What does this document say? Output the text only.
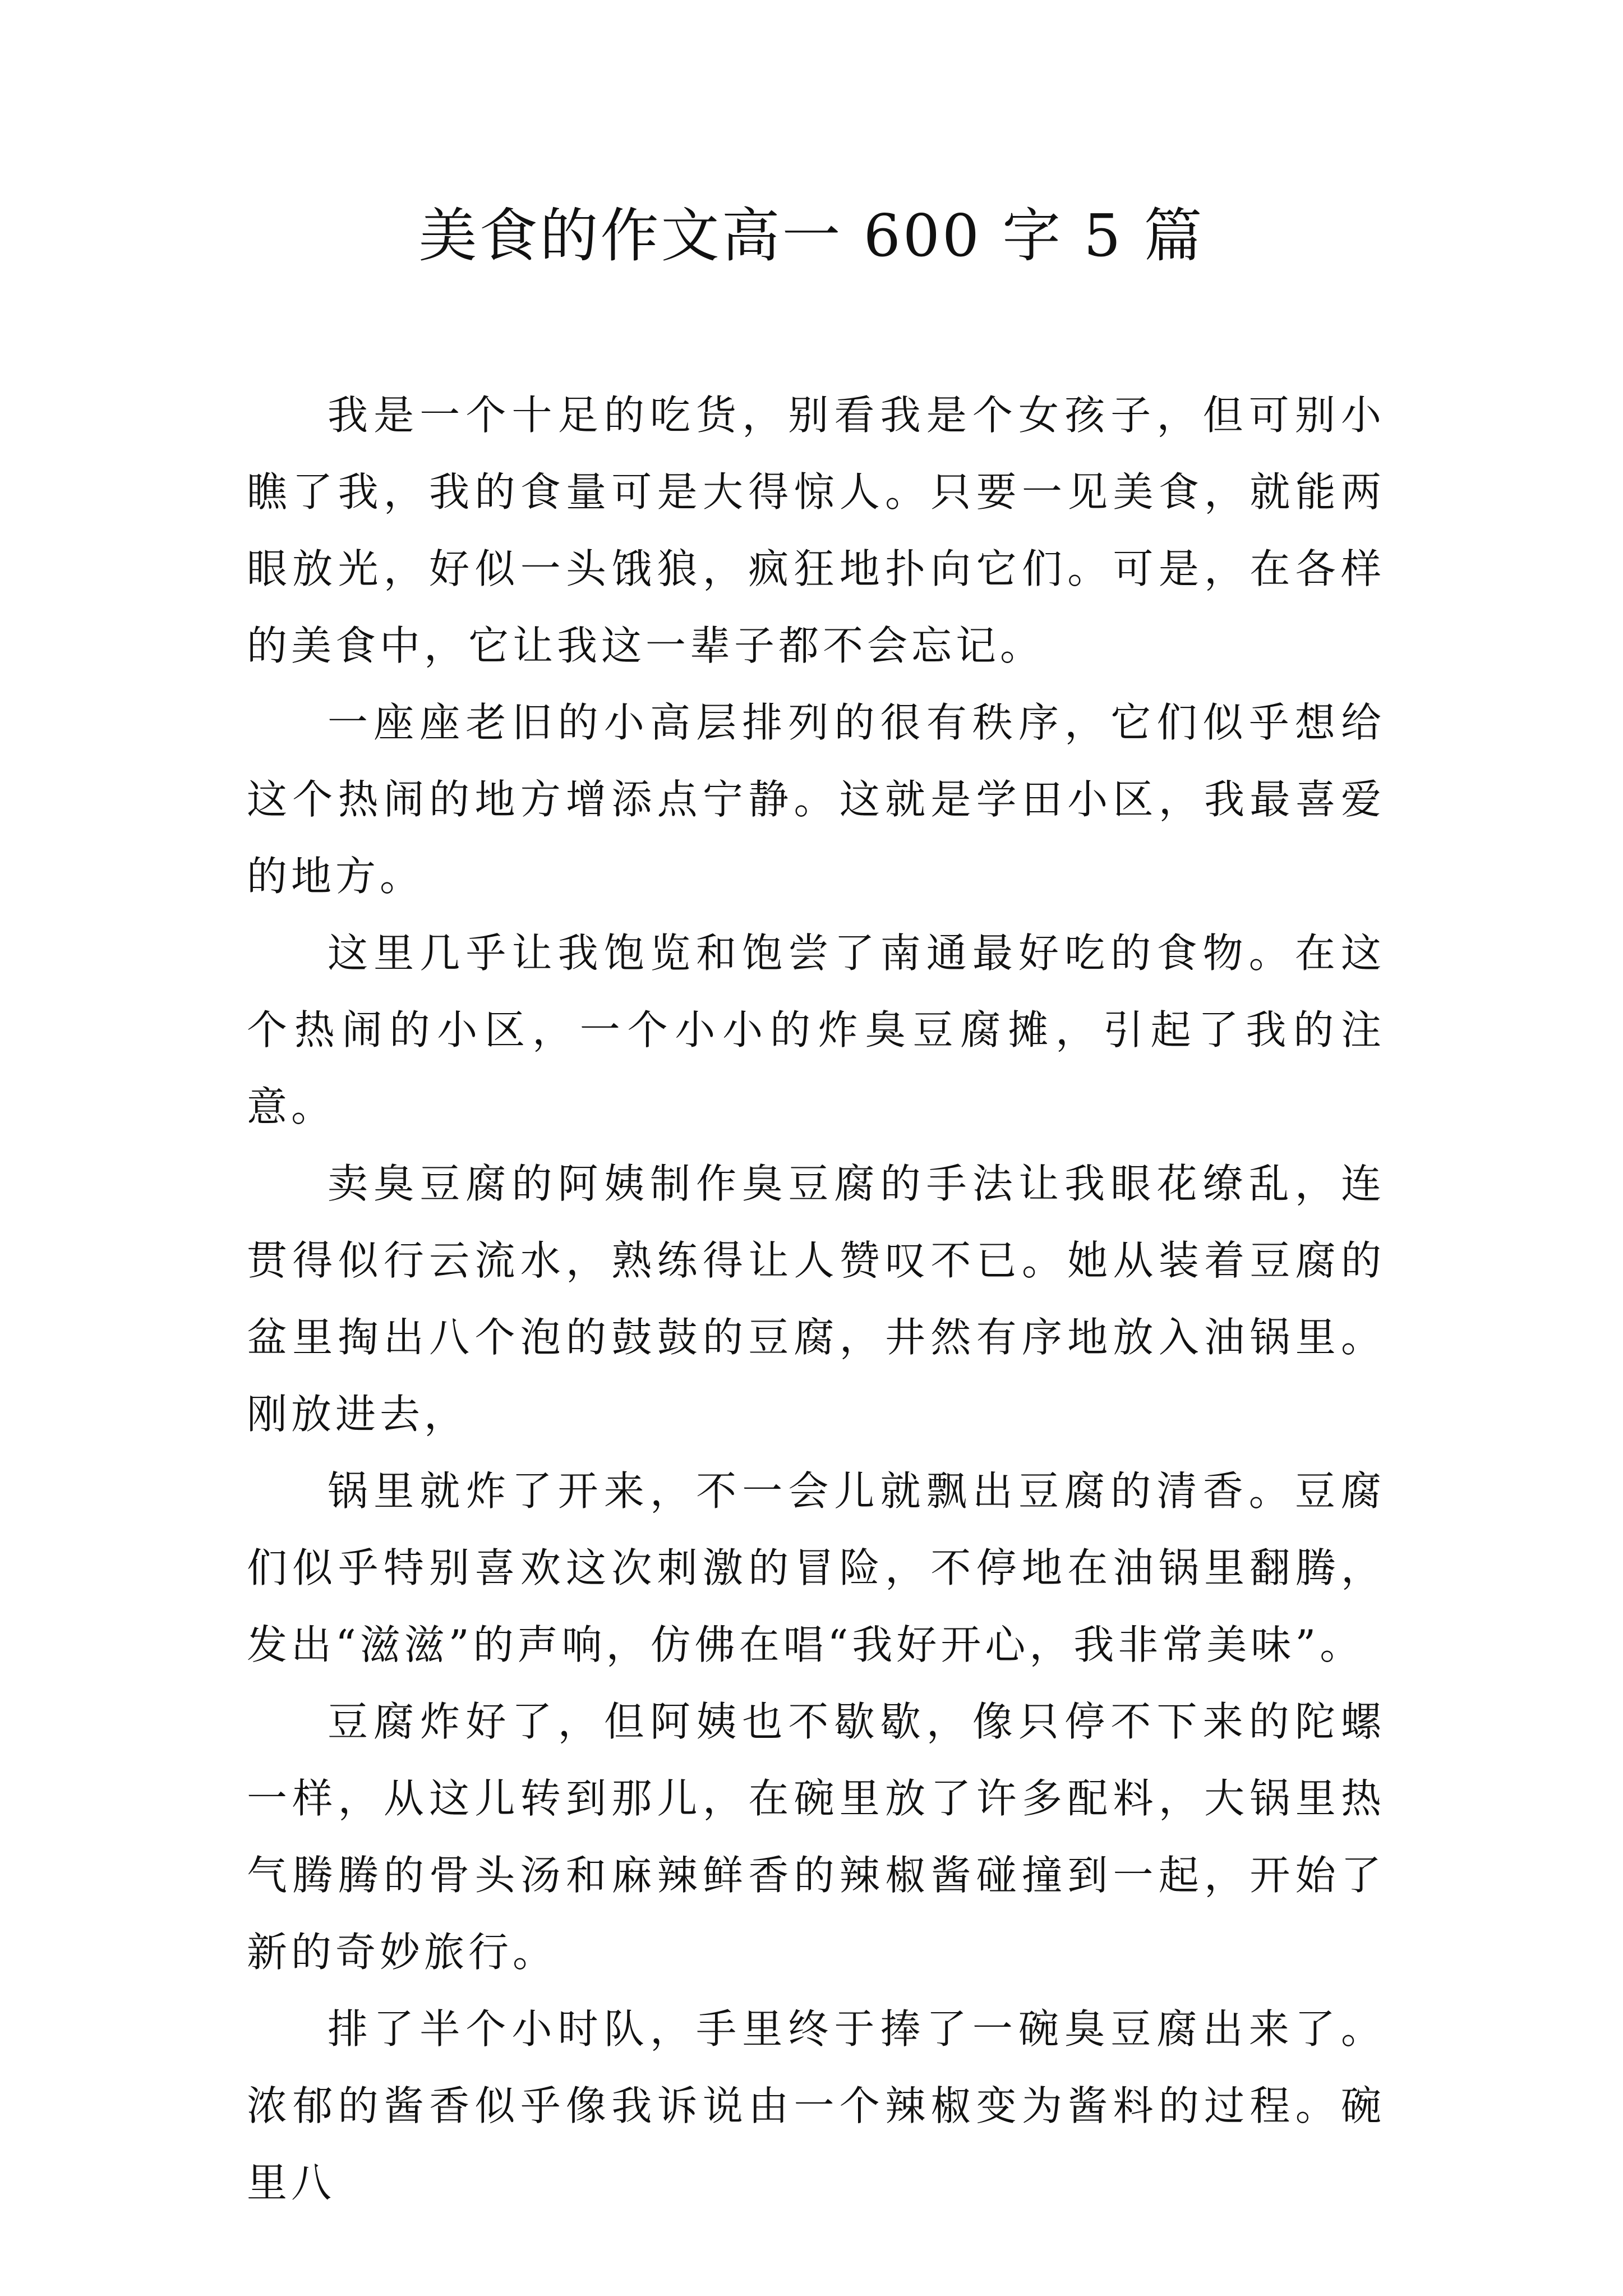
美食的作文高一 600 字 5 篇

我是一个十足的吃货，别看我是个女孩子，但可别小瞧了我，我的食量可是大得惊人。只要一见美食，就能两眼放光，好似一头饿狼，疯狂地扑向它们。可是，在各样的美食中，它让我这一辈子都不会忘记。

一座座老旧的小高层排列的很有秩序，它们似乎想给这个热闹的地方增添点宁静。这就是学田小区，我最喜爱的地方。

这里几乎让我饱览和饱尝了南通最好吃的食物。在这个热闹的小区，一个小小的炸臭豆腐摊，引起了我的注意。

卖臭豆腐的阿姨制作臭豆腐的手法让我眼花缭乱，连贯得似行云流水，熟练得让人赞叹不已。她从装着豆腐的盆里掏出八个泡的鼓鼓的豆腐，井然有序地放入油锅里。刚放进去，

锅里就炸了开来，不一会儿就飘出豆腐的清香。豆腐们似乎特别喜欢这次刺激的冒险，不停地在油锅里翻腾，发出“滋滋”的声响，仿佛在唱“我好开心，我非常美味”。

豆腐炸好了，但阿姨也不歇歇，像只停不下来的陀螺一样，从这儿转到那儿，在碗里放了许多配料，大锅里热气腾腾的骨头汤和麻辣鲜香的辣椒酱碰撞到一起，开始了新的奇妙旅行。

排了半个小时队，手里终于捧了一碗臭豆腐出来了。浓郁的酱香似乎像我诉说由一个辣椒变为酱料的过程。碗里八
